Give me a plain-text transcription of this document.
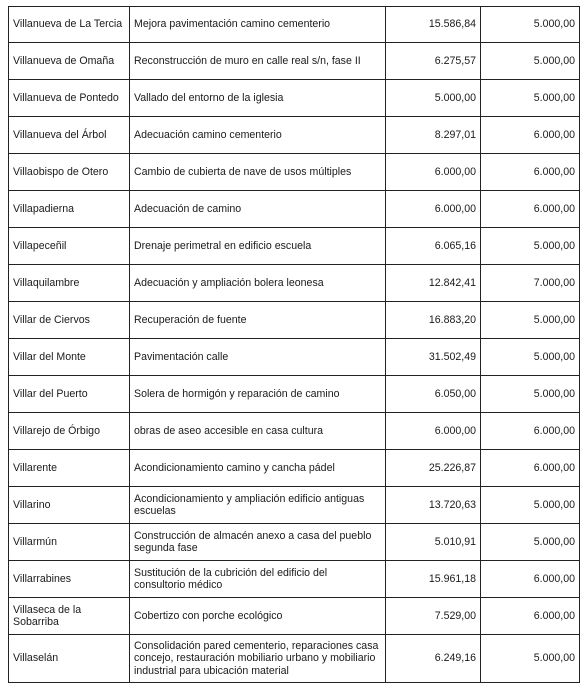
Villanueva de La Tercia	Mejora pavimentación camino cementerio	15.586,84	5.000,00
Villanueva de Omaña	Reconstrucción de muro en calle real s/n, fase II	6.275,57	5.000,00
Villanueva de Pontedo	Vallado del entorno de la iglesia	5.000,00	5.000,00
Villanueva del Árbol	Adecuación camino cementerio	8.297,01	6.000,00
Villaobispo de Otero	Cambio de cubierta de nave de usos múltiples	6.000,00	6.000,00
Villapadierna	Adecuación de camino	6.000,00	6.000,00
Villapeceñil	Drenaje perimetral en edificio escuela	6.065,16	5.000,00
Villaquilambre	Adecuación y ampliación bolera leonesa	12.842,41	7.000,00
Villar de Ciervos	Recuperación de fuente	16.883,20	5.000,00
Villar del Monte	Pavimentación calle	31.502,49	5.000,00
Villar del Puerto	Solera de hormigón y reparación de camino	6.050,00	5.000,00
Villarejo de Órbigo	obras de aseo accesible en casa cultura	6.000,00	6.000,00
Villarente	Acondicionamiento camino y cancha pádel	25.226,87	6.000,00
Villarino	Acondicionamiento y ampliación edificio antiguas escuelas	13.720,63	5.000,00
Villarmún	Construcción de almacén anexo a casa del pueblo segunda fase	5.010,91	5.000,00
Villarrabines	Sustitución de la cubrición del edificio del consultorio médico	15.961,18	6.000,00
Villaseca de la Sobarriba	Cobertizo con porche ecológico	7.529,00	6.000,00
Villaselán	Consolidación pared cementerio, reparaciones casa concejo, restauración mobiliario urbano y mobiliario industrial para ubicación material	6.249,16	5.000,00
